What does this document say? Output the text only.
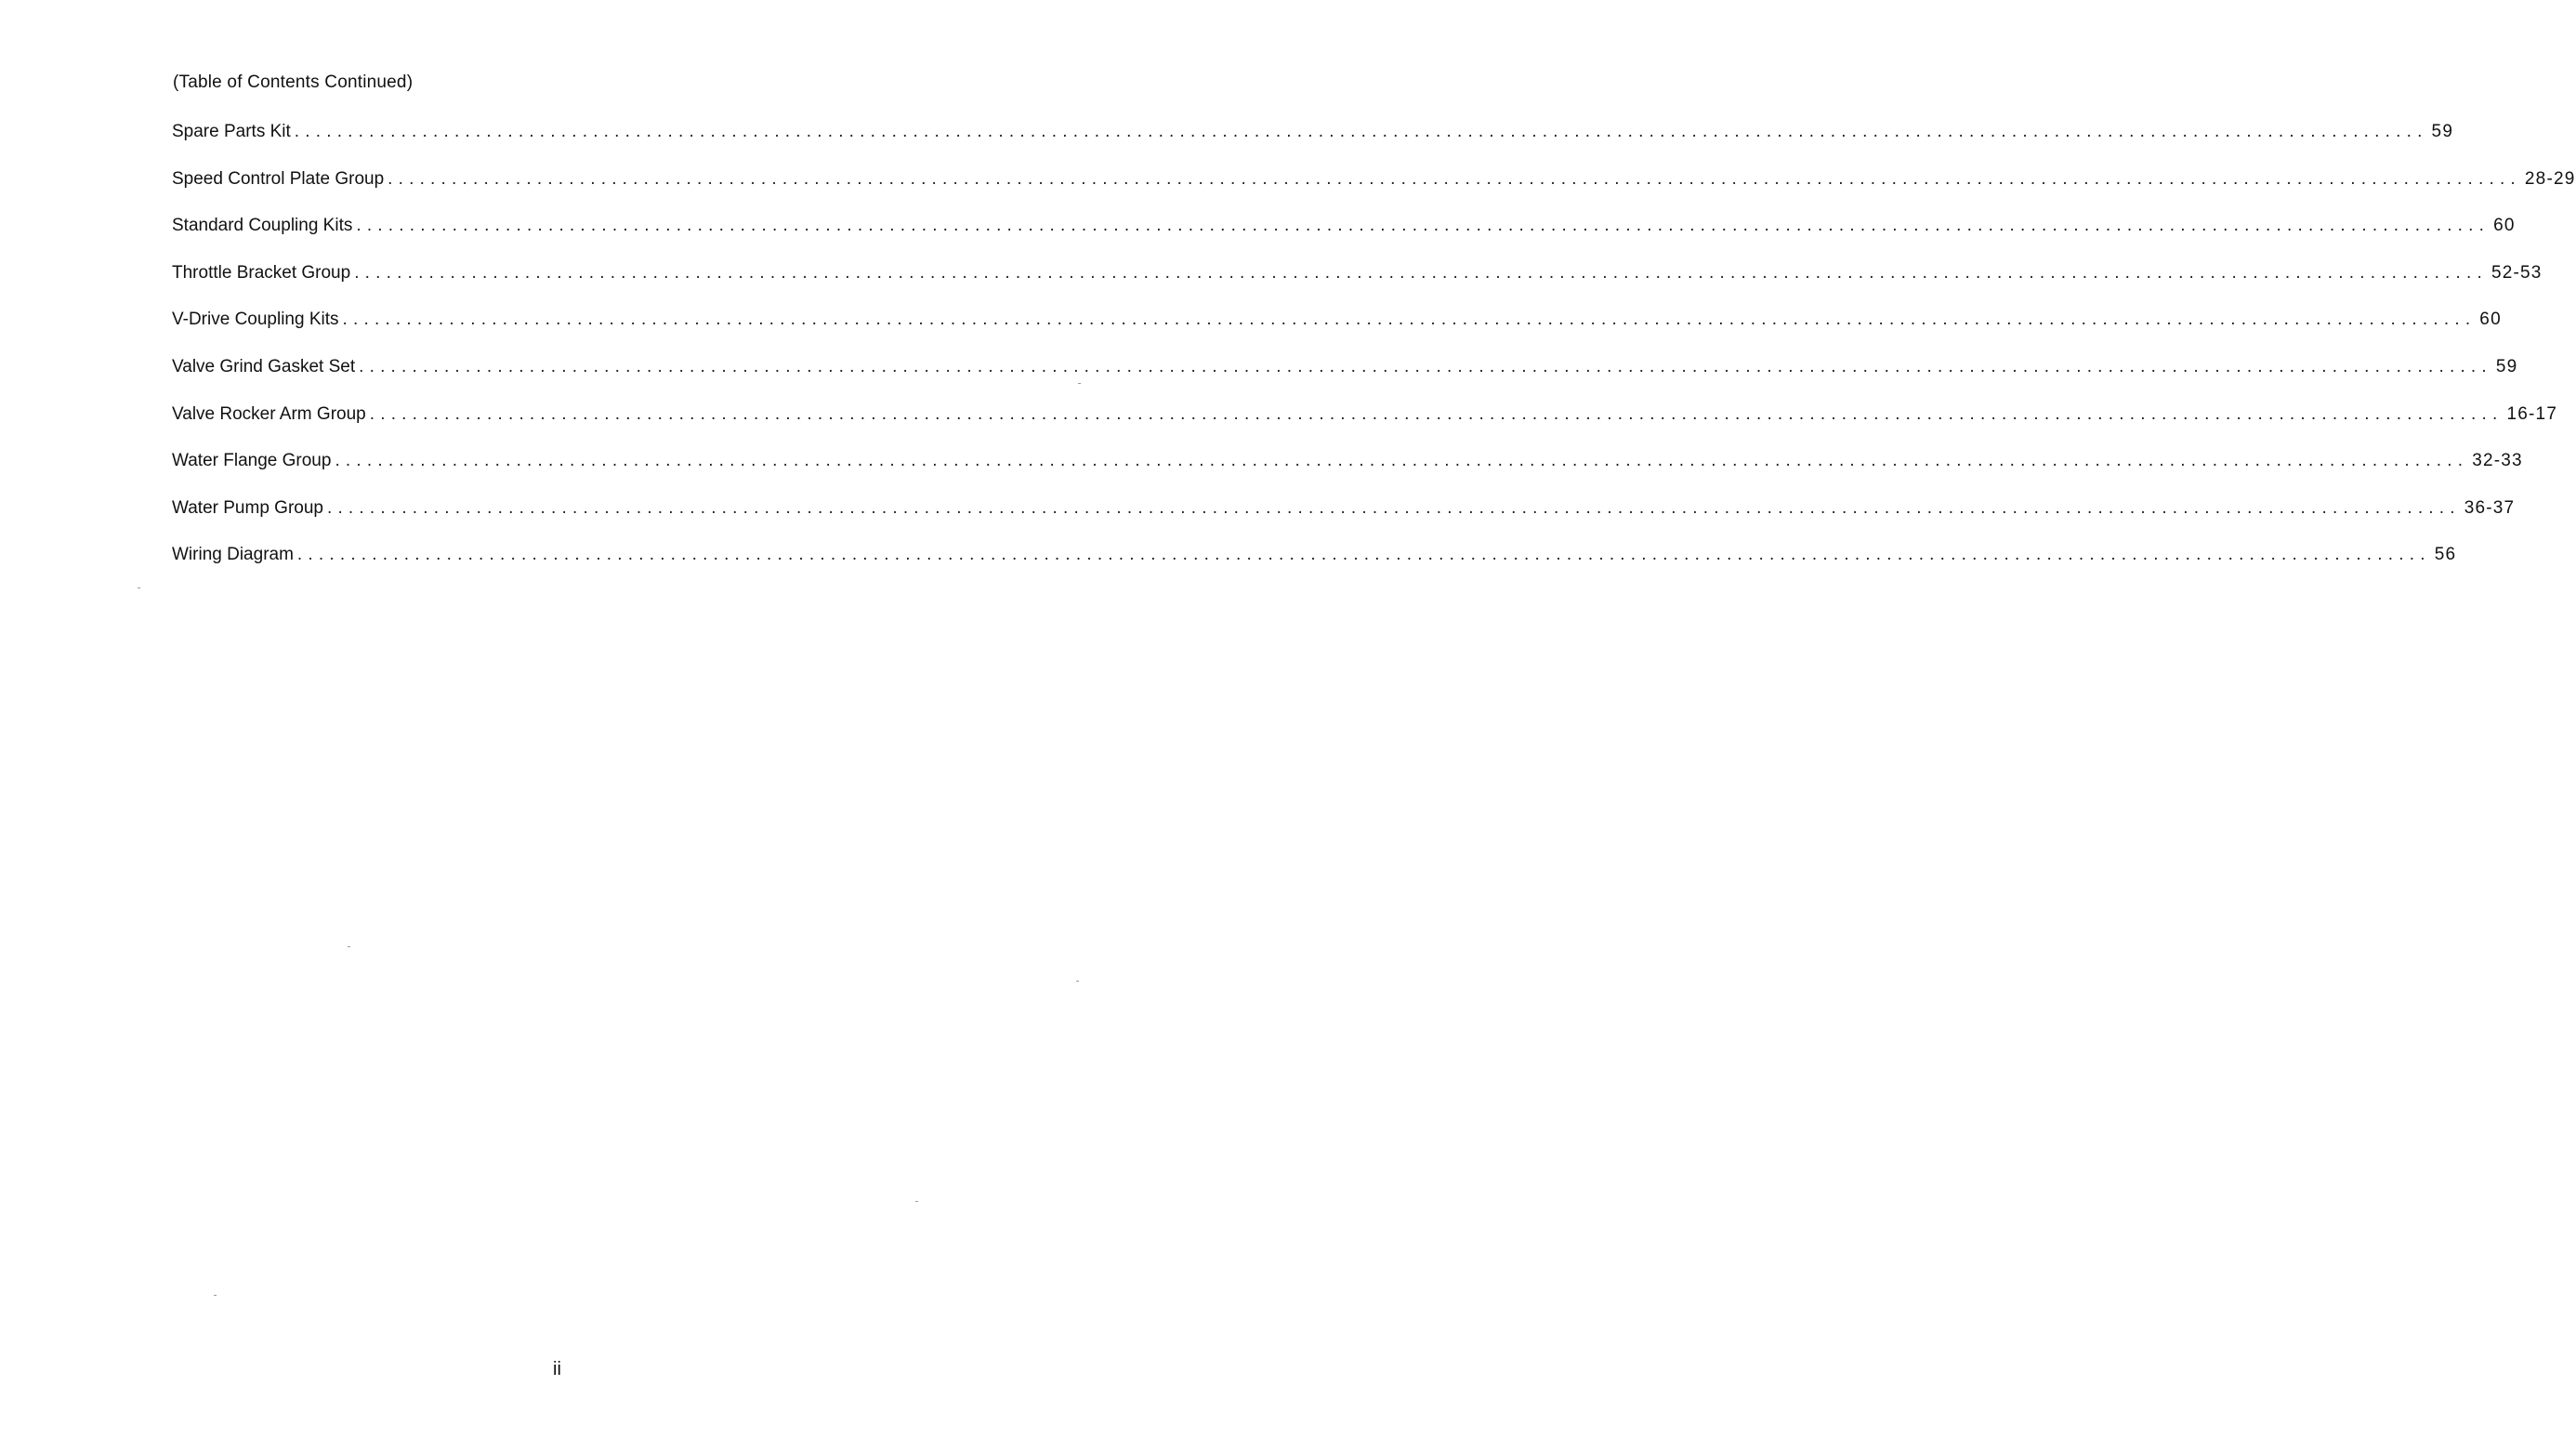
(Table of Contents Continued)
Spare Parts Kit ........................................................................................................................................................................................................ 59
Speed Control Plate Group ........................................................................................................................................................................................................ 28-29
Standard Coupling Kits ........................................................................................................................................................................................................ 60
Throttle Bracket Group ........................................................................................................................................................................................................ 52-53
V-Drive Coupling Kits ........................................................................................................................................................................................................ 60
Valve Grind Gasket Set ........................................................................................................................................................................................................ 59
Valve Rocker Arm Group ........................................................................................................................................................................................................ 16-17
Water Flange Group ........................................................................................................................................................................................................ 32-33
Water Pump Group ........................................................................................................................................................................................................ 36-37
Wiring Diagram ........................................................................................................................................................................................................ 56
ii
